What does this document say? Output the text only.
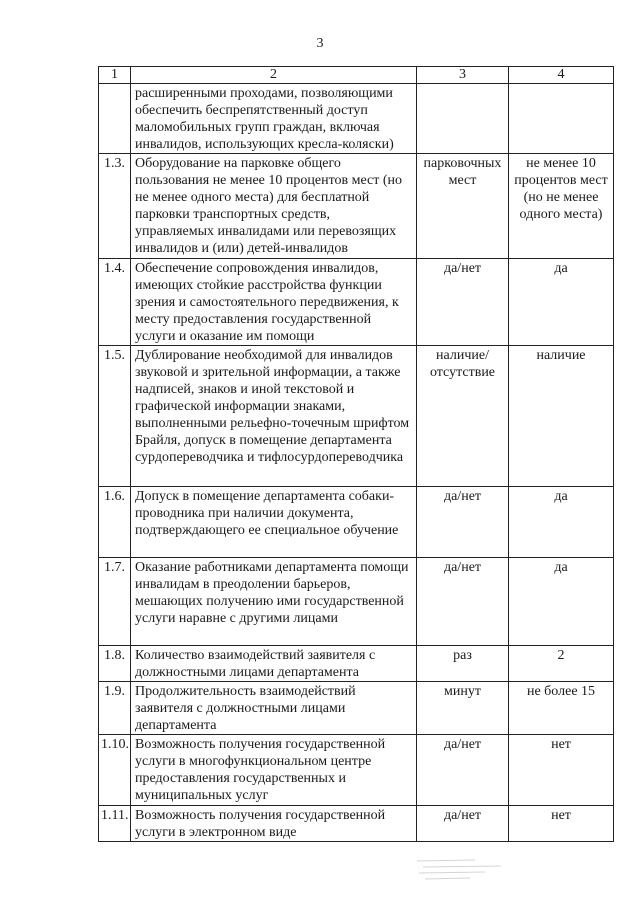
3
1	2	3	4
	расширенными проходами, позволяющими обеспечить беспрепятственный доступ маломобильных групп граждан, включая инвалидов, использующих кресла-коляски)		
1.3.	Оборудование на парковке общего пользования не менее 10 процентов мест (но не менее одного места) для бесплатной парковки транспортных средств, управляемых инвалидами или перевозящих инвалидов и (или) детей-инвалидов	парковочных мест	не менее 10 процентов мест (но не менее одного места)
1.4.	Обеспечение сопровождения инвалидов, имеющих стойкие расстройства функции зрения и самостоятельного передвижения, к месту предоставления государственной услуги и оказание им помощи	да/нет	да
1.5.	Дублирование необходимой для инвалидов звуковой и зрительной информации, а также надписей, знаков и иной текстовой и графической информации знаками, выполненными рельефно-точечным шрифтом Брайля, допуск в помещение департамента сурдопереводчика и тифлосурдопереводчика	наличие/ отсутствие	наличие
1.6.	Допуск в помещение департамента собаки-проводника при наличии документа, подтверждающего ее специальное обучение	да/нет	да
1.7.	Оказание работниками департамента помощи инвалидам в преодолении барьеров, мешающих получению ими государственной услуги наравне с другими лицами	да/нет	да
1.8.	Количество взаимодействий заявителя с должностными лицами департамента	раз	2
1.9.	Продолжительность взаимодействий заявителя с должностными лицами департамента	минут	не более 15
1.10.	Возможность получения государственной услуги в многофункциональном центре предоставления государственных и муниципальных услуг	да/нет	нет
1.11.	Возможность получения государственной услуги в электронном виде	да/нет	нет
